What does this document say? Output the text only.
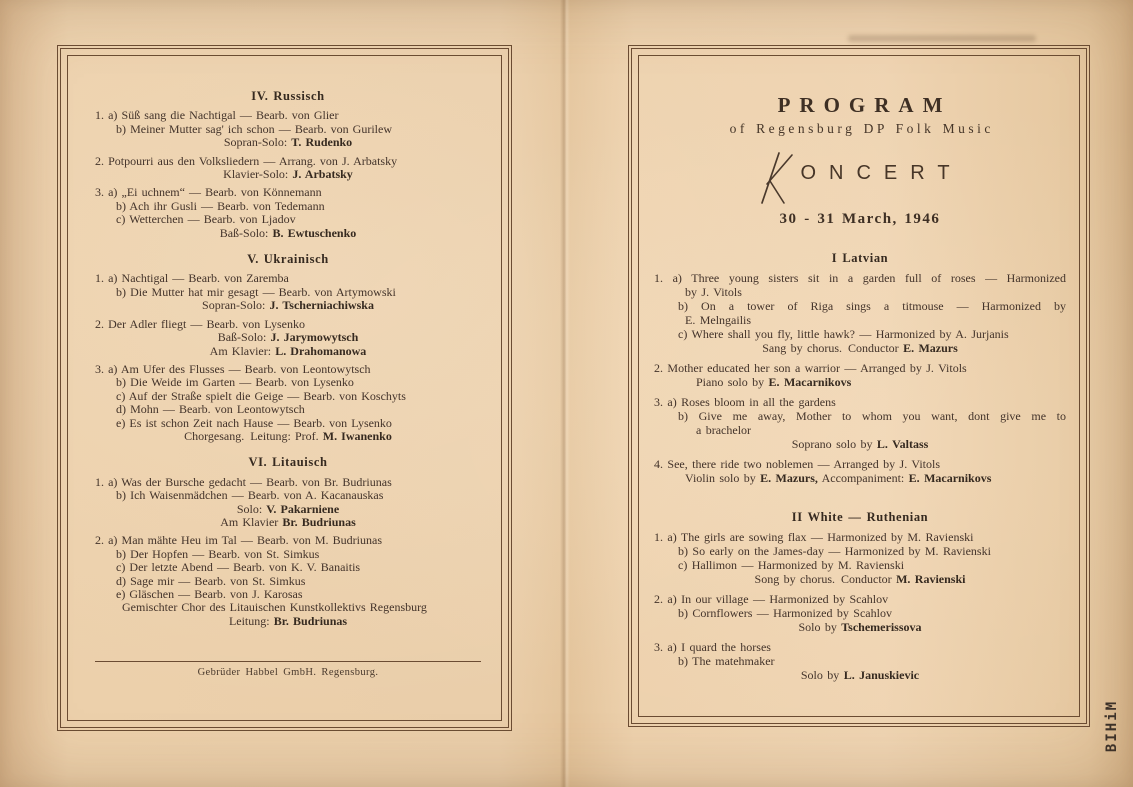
IV. Russisch
1. a) Süß sang die Nachtigal — Bearb. von Glier
b) Meiner Mutter sag' ich schon — Bearb. von Gurilew
Sopran-Solo: T. Rudenko
2. Potpourri aus den Volksliedern — Arrang. von J. Arbatsky
Klavier-Solo: J. Arbatsky
3. a) „Ei uchnem“ — Bearb. von Könnemann
b) Ach ihr Gusli — Bearb. von Tedemann
c) Wetterchen — Bearb. von Ljadov
Baß-Solo: B. Ewtuschenko
V. Ukrainisch
1. a) Nachtigal — Bearb. von Zaremba
b) Die Mutter hat mir gesagt — Bearb. von Artymowski
Sopran-Solo: J. Tscherniachiwska
2. Der Adler fliegt — Bearb. von Lysenko
Baß-Solo: J. Jarymowytsch
Am Klavier: L. Drahomanowa
3. a) Am Ufer des Flusses — Bearb. von Leontowytsch
b) Die Weide im Garten — Bearb. von Lysenko
c) Auf der Straße spielt die Geige — Bearb. von Koschyts
d) Mohn — Bearb. von Leontowytsch
e) Es ist schon Zeit nach Hause — Bearb. von Lysenko
Chorgesang. Leitung: Prof. M. Iwanenko
VI. Litauisch
1. a) Was der Bursche gedacht — Bearb. von Br. Budriunas
b) Ich Waisenmädchen — Bearb. von A. Kacanauskas
Solo: V. Pakarniene
Am Klavier Br. Budriunas
2. a) Man mähte Heu im Tal — Bearb. von M. Budriunas
b) Der Hopfen — Bearb. von St. Simkus
c) Der letzte Abend — Bearb. von K. V. Banaitis
d) Sage mir — Bearb. von St. Simkus
e) Gläschen — Bearb. von J. Karosas
Gemischter Chor des Litauischen Kunstkollektivs Regensburg
Leitung: Br. Budriunas
Gebrüder Habbel GmbH. Regensburg.
PROGRAM
of Regensburg DP Folk Music
ONCERT
30 - 31 March, 1946
I Latvian
1. a) Three young sisters sit in a garden full of roses — Harmonized
by J. Vitols
b) On a tower of Riga sings a titmouse — Harmonized by
E. Melngailis
c) Where shall you fly, little hawk? — Harmonized by A. Jurjanis
Sang by chorus. Conductor E. Mazurs
2. Mother educated her son a warrior — Arranged by J. Vitols
Piano solo by E. Macarnikovs
3. a) Roses bloom in all the gardens
b) Give me away, Mother to whom you want, dont give me to
a brachelor
Soprano solo by L. Valtass
4. See, there ride two noblemen — Arranged by J. Vitols
Violin solo by E. Mazurs, Accompaniment: E. Macarnikovs
II White — Ruthenian
1. a) The girls are sowing flax — Harmonized by M. Ravienski
b) So early on the James-day — Harmonized by M. Ravienski
c) Hallimon — Harmonized by M. Ravienski
Song by chorus. Conductor M. Ravienski
2. a) In our village — Harmonized by Scahlov
b) Cornflowers — Harmonized by Scahlov
Solo by Tschemerissova
3. a) I quard the horses
b) The matehmaker
Solo by L. Januskievic
BIHiM
